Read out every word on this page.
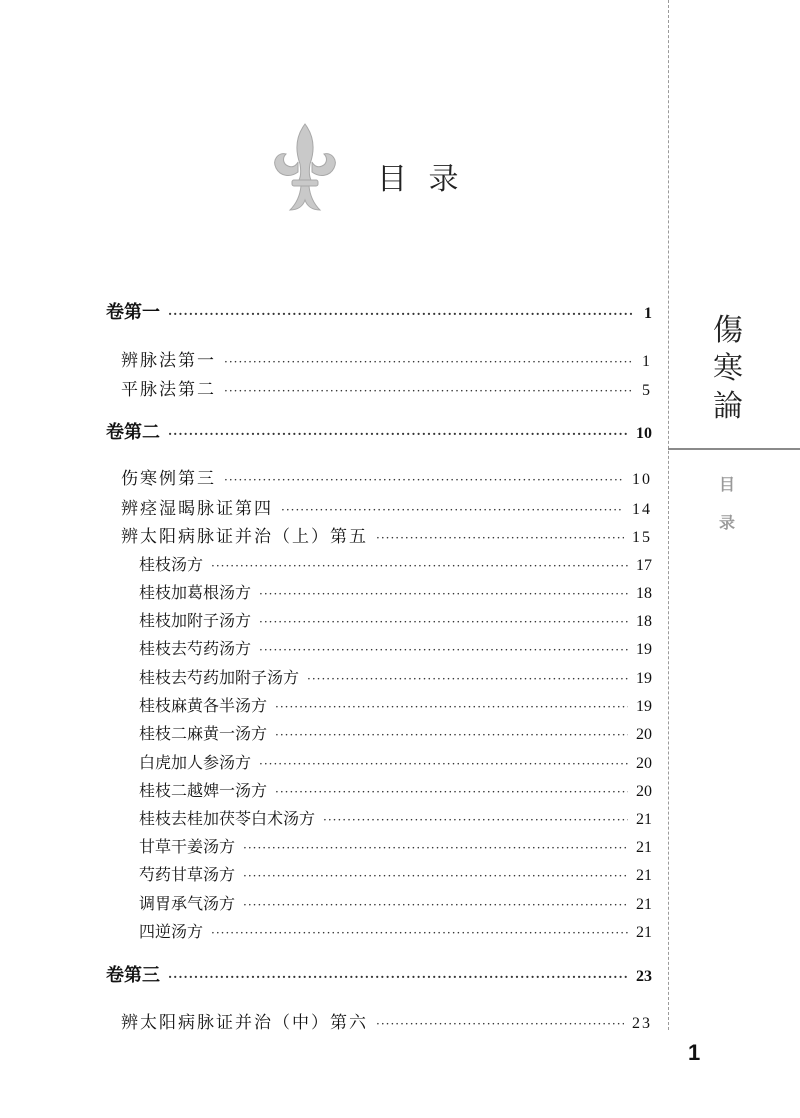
目 录
卷第一 ·····	1
辨脉法第一 ·····	1
平脉法第二 ·····	5
卷第二 ·····	10
伤寒例第三 ·····	10
辨痉湿暍脉证第四 ·····	14
辨太阳病脉证并治（上）第五 ·····	15
桂枝汤方 ·····	17
桂枝加葛根汤方 ·····	18
桂枝加附子汤方 ·····	18
桂枝去芍药汤方 ·····	19
桂枝去芍药加附子汤方 ·····	19
桂枝麻黄各半汤方 ·····	19
桂枝二麻黄一汤方 ·····	20
白虎加人参汤方 ·····	20
桂枝二越婢一汤方 ·····	20
桂枝去桂加茯苓白术汤方 ·····	21
甘草干姜汤方 ·····	21
芍药甘草汤方 ·····	21
调胃承气汤方 ·····	21
四逆汤方 ·····	21
卷第三 ·····	23
辨太阳病脉证并治（中）第六 ·····	23
傷寒論
目 录
1
